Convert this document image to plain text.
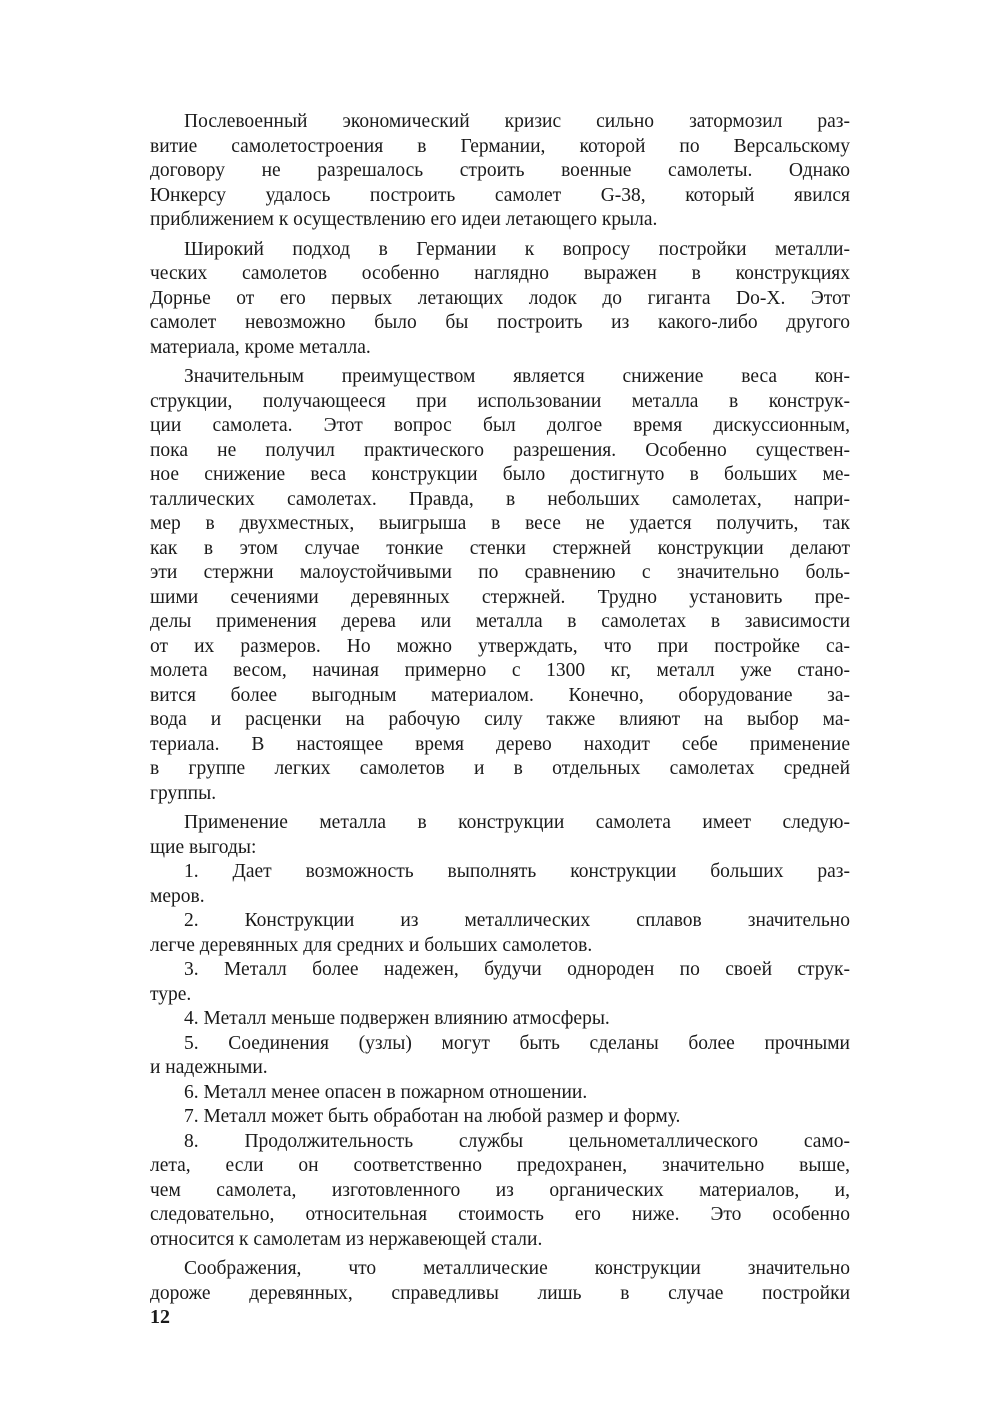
Послевоенный экономический кризис сильно затормозил раз-
витие самолетостроения в Германии, которой по Версальскому
договору не разрешалось строить военные самолеты. Однако
Юнкерсу удалось построить самолет G-38, который явился
приближением к осуществлению его идеи летающего крыла.
Широкий подход в Германии к вопросу постройки металли-
ческих самолетов особенно наглядно выражен в конструкциях
Дорнье от его первых летающих лодок до гиганта Do-X. Этот
самолет невозможно было бы построить из какого-либо другого
материала, кроме металла.
Значительным преимуществом является снижение веса кон-
струкции, получающееся при использовании металла в конструк-
ции самолета. Этот вопрос был долгое время дискуссионным,
пока не получил практического разрешения. Особенно существен-
ное снижение веса конструкции было достигнуто в больших ме-
таллических самолетах. Правда, в небольших самолетах, напри-
мер в двухместных, выигрыша в весе не удается получить, так
как в этом случае тонкие стенки стержней конструкции делают
эти стержни малоустойчивыми по сравнению с значительно боль-
шими сечениями деревянных стержней. Трудно установить пре-
делы применения дерева или металла в самолетах в зависимости
от их размеров. Но можно утверждать, что при постройке са-
молета весом, начиная примерно с 1300 кг, металл уже стано-
вится более выгодным материалом. Конечно, оборудование за-
вода и расценки на рабочую силу также влияют на выбор ма-
териала. В настоящее время дерево находит себе применение
в группе легких самолетов и в отдельных самолетах средней
группы.
Применение металла в конструкции самолета имеет следую-
щие выгоды:
1. Дает возможность выполнять конструкции больших раз-
меров.
2. Конструкции из металлических сплавов значительно
легче деревянных для средних и больших самолетов.
3. Металл более надежен, будучи однороден по своей струк-
туре.
4. Металл меньше подвержен влиянию атмосферы.
5. Соединения (узлы) могут быть сделаны более прочными
и надежными.
6. Металл менее опасен в пожарном отношении.
7. Металл может быть обработан на любой размер и форму.
8. Продолжительность службы цельнометаллического само-
лета, если он соответственно предохранен, значительно выше,
чем самолета, изготовленного из органических материалов, и,
следовательно, относительная стоимость его ниже. Это особенно
относится к самолетам из нержавеющей стали.
Соображения, что металлические конструкции значительно
дороже деревянных, справедливы лишь в случае постройки
12
